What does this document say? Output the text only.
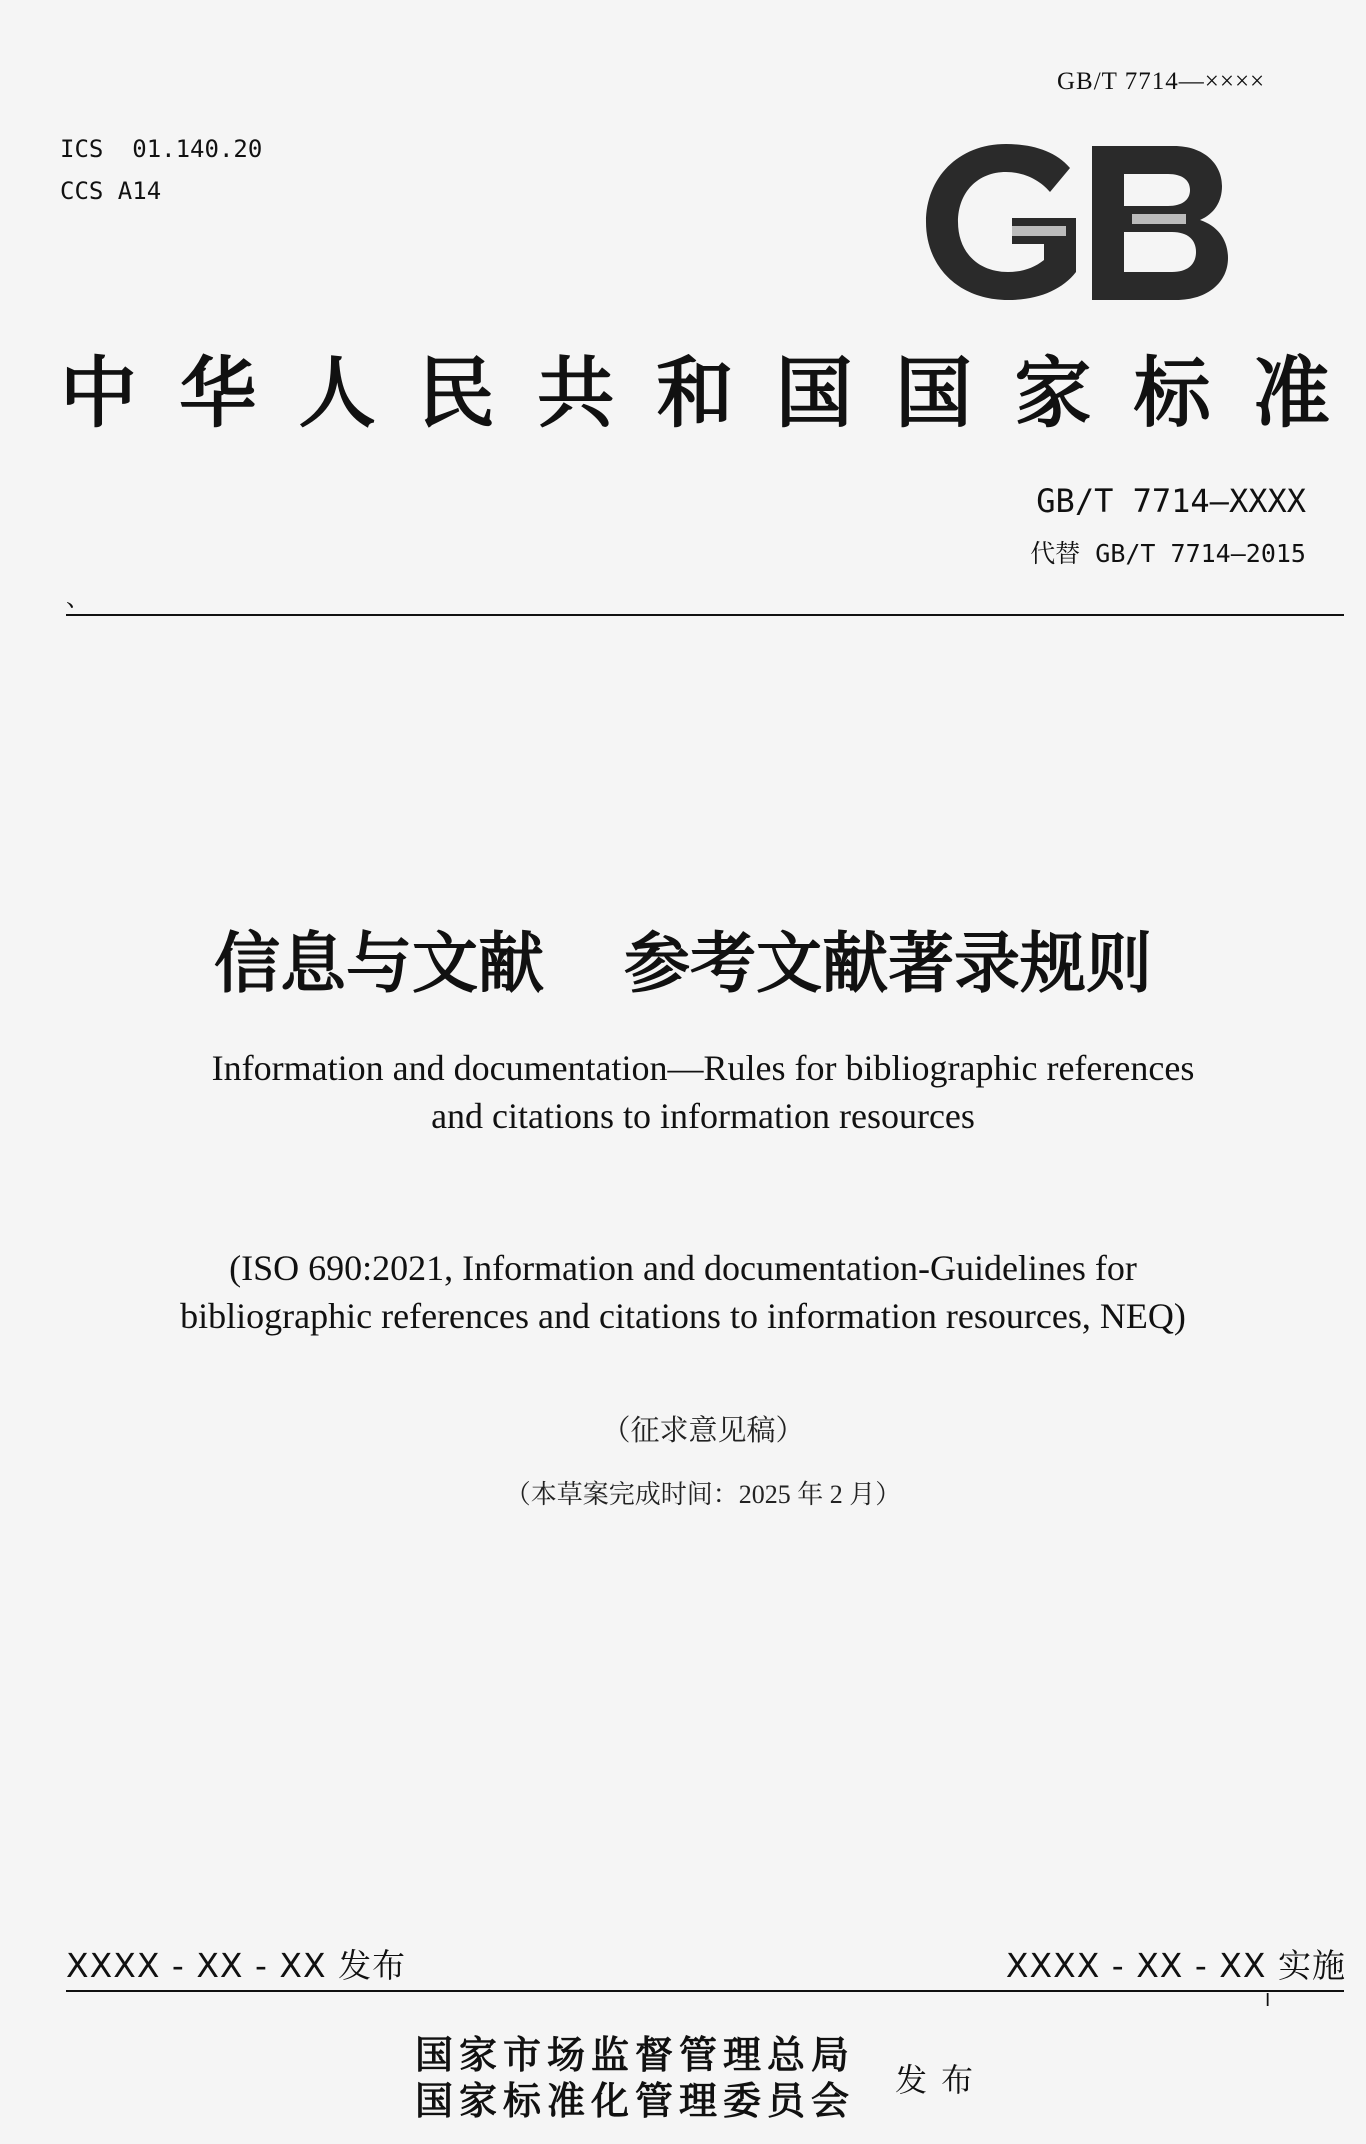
GB/T 7714—××××
ICS  01.140.20
CCS A14
中 华 人 民 共 和 国 国 家 标 准
GB/T 7714—XXXX
代替 GB/T 7714—2015
、
信息与文献 参考文献著录规则
Information and documentation—Rules for bibliographic references
and citations to information resources
(ISO 690:2021, Information and documentation-Guidelines for
bibliographic references and citations to information resources, NEQ)
（征求意见稿）
（本草案完成时间：2025 年 2 月）
XXXX - XX - XX 发布	XXXX - XX - XX 实施
I
国家市场监督管理总局
国家标准化管理委员会 发布
